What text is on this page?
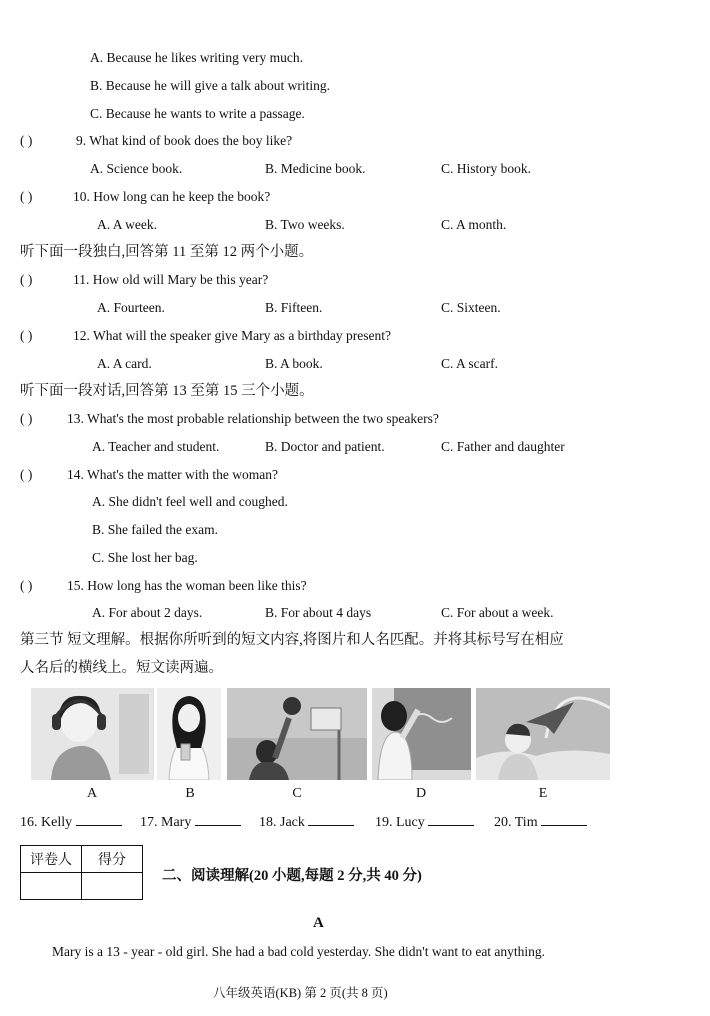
A. Because he likes writing very much.
B. Because he will give a talk about writing.
C. Because he wants to write a passage.
( )	9. What kind of book does the boy like?
A. Science book.	B. Medicine book.	C. History book.
( )	10. How long can he keep the book?
A. A week.	B. Two weeks.	C. A month.
听下面一段独白,回答第 11 至第 12 两个小题。
( )	11. How old will Mary be this year?
A. Fourteen.	B. Fifteen.	C. Sixteen.
( )	12. What will the speaker give Mary as a birthday present?
A. A card.	B. A book.	C. A scarf.
听下面一段对话,回答第 13 至第 15 三个小题。
( )	13. What's the most probable relationship between the two speakers?
A. Teacher and student.	B. Doctor and patient.	C. Father and daughter
( )	14. What's the matter with the woman?
A. She didn't feel well and coughed.
B. She failed the exam.
C. She lost her bag.
( )	15. How long has the woman been like this?
A. For about 2 days.	B. For about 4 days	C. For about a week.
第三节 短文理解。根据你所听到的短文内容,将图片和人名匹配。并将其标号写在相应
人名后的横线上。短文读两遍。
A	B	C	D	E
16. Kelly	17. Mary	18. Jack	19. Lucy	20. Tim
评卷人	得分

二、阅读理解(20 小题,每题 2 分,共 40 分)
A
Mary is a 13 - year - old girl. She had a bad cold yesterday. She didn't want to eat anything.
八年级英语(KB) 第 2 页(共 8 页)
